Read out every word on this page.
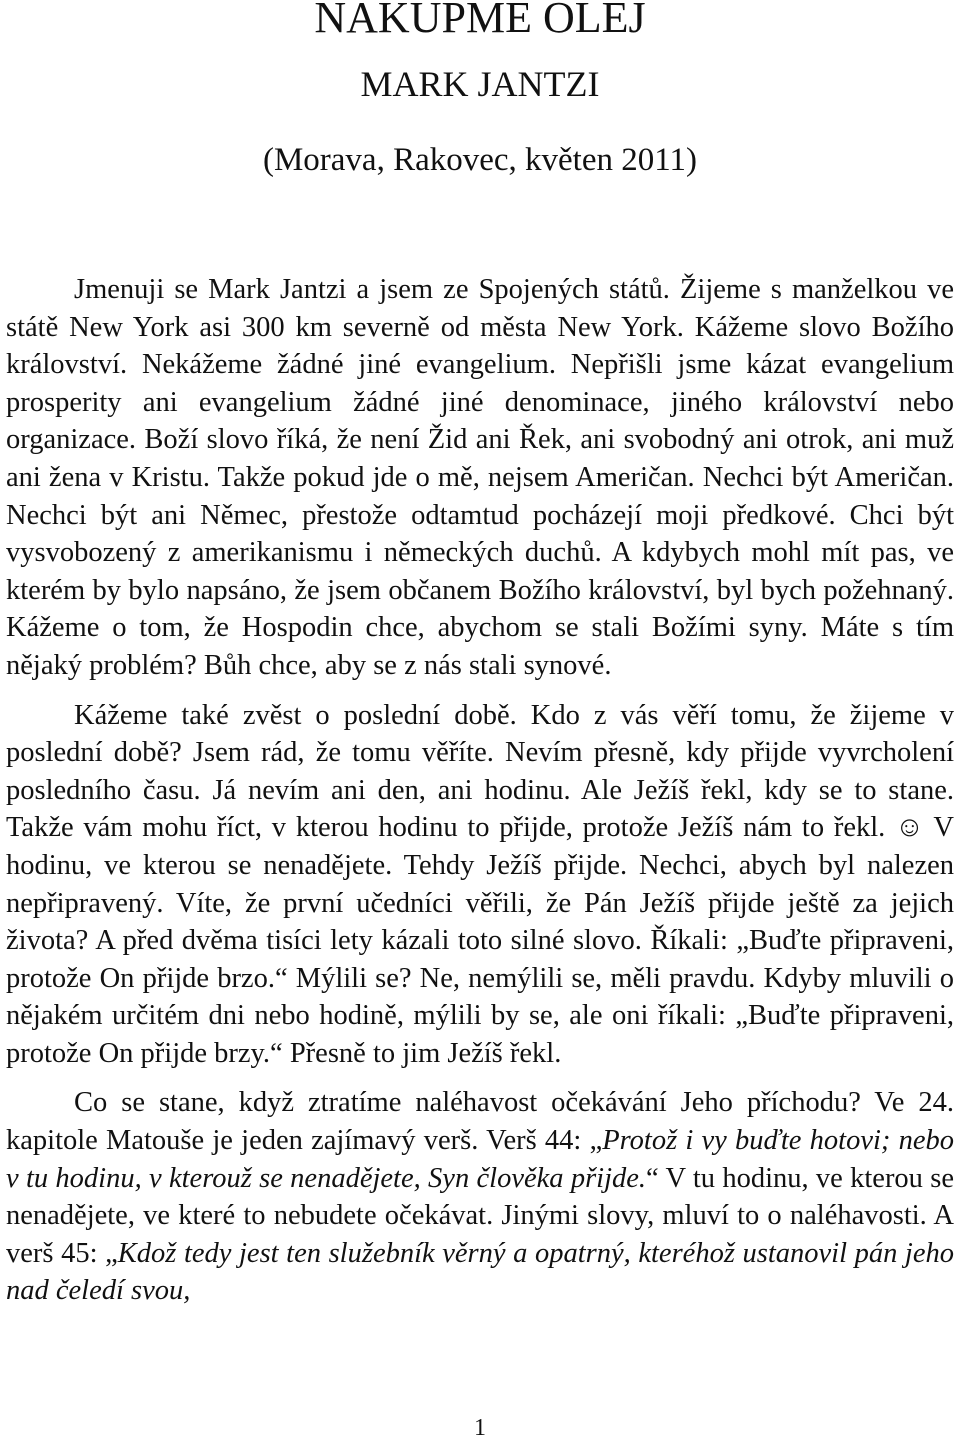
NAKUPME OLEJ
MARK JANTZI
(Morava, Rakovec, květen 2011)

Jmenuji se Mark Jantzi a jsem ze Spojených států. Žijeme s manželkou ve státě New York asi 300 km severně od města New York. Kážeme slovo Božího království. Nekážeme žádné jiné evangelium. Nepřišli jsme kázat evangelium prosperity ani evangelium žádné jiné denominace, jiného království nebo organizace. Boží slovo říká, že není Žid ani Řek, ani svobodný ani otrok, ani muž ani žena v Kristu. Takže pokud jde o mě, nejsem Američan. Nechci být Američan. Nechci být ani Němec, přestože odtamtud pocházejí moji předkové. Chci být vysvobozený z amerikanismu i německých duchů. A kdybych mohl mít pas, ve kterém by bylo napsáno, že jsem občanem Božího království, byl bych požehnaný. Kážeme o tom, že Hospodin chce, abychom se stali Božími syny. Máte s tím nějaký problém? Bůh chce, aby se z nás stali synové.

Kážeme také zvěst o poslední době. Kdo z vás věří tomu, že žijeme v poslední době? Jsem rád, že tomu věříte. Nevím přesně, kdy přijde vyvrcholení posledního času. Já nevím ani den, ani hodinu. Ale Ježíš řekl, kdy se to stane. Takže vám mohu říct, v kterou hodinu to přijde, protože Ježíš nám to řekl. ☺ V hodinu, ve kterou se nenadějete. Tehdy Ježíš přijde. Nechci, abych byl nalezen nepřipravený. Víte, že první učedníci věřili, že Pán Ježíš přijde ještě za jejich života? A před dvěma tisíci lety kázali toto silné slovo. Říkali: „Buďte připraveni, protože On přijde brzo.“ Mýlili se? Ne, nemýlili se, měli pravdu. Kdyby mluvili o nějakém určitém dni nebo hodině, mýlili by se, ale oni říkali: „Buďte připraveni, protože On přijde brzy.“ Přesně to jim Ježíš řekl.

Co se stane, když ztratíme naléhavost očekávání Jeho příchodu? Ve 24. kapitole Matouše je jeden zajímavý verš. Verš 44: „Protož i vy buďte hotovi; nebo v tu hodinu, v kterouž se nenadějete, Syn člověka přijde.“ V tu hodinu, ve kterou se nenadějete, ve které to nebudete očekávat. Jinými slovy, mluví to o naléhavosti. A verš 45: „Kdož tedy jest ten služebník věrný a opatrný, kteréhož ustanovil pán jeho nad čeledí svou,

1
